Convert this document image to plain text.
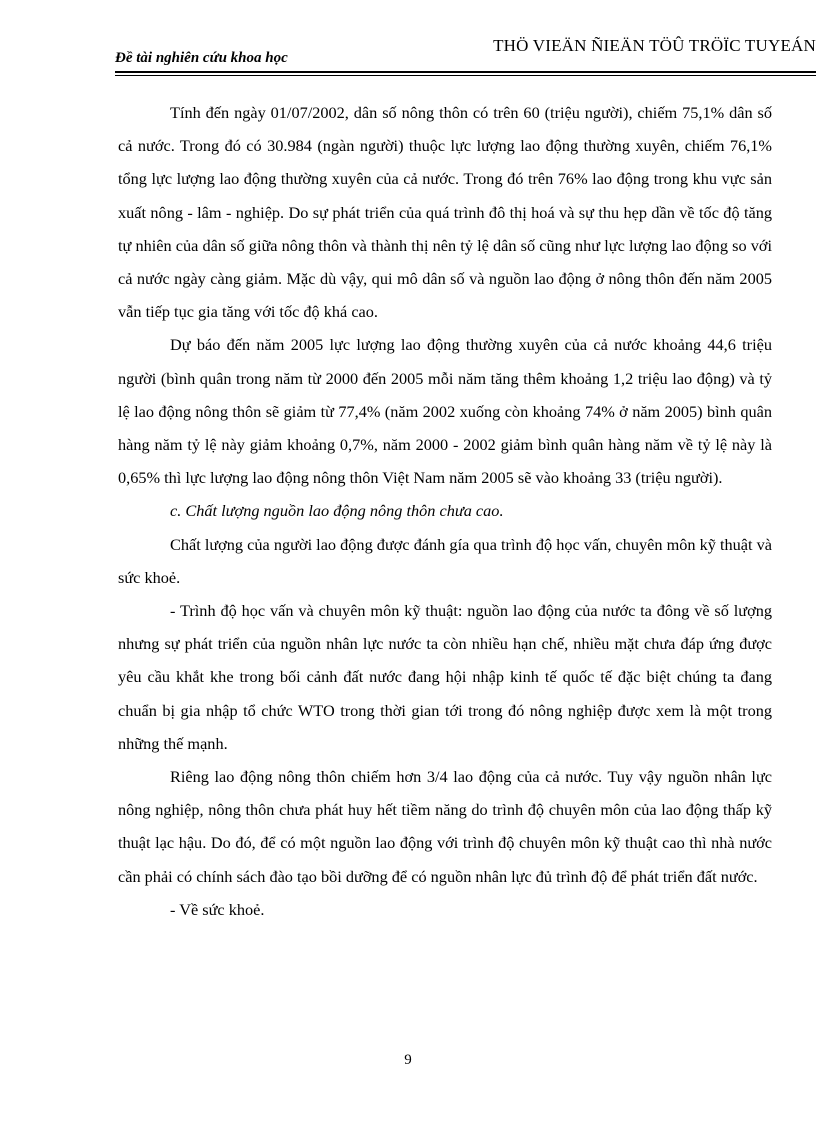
Đề tài nghiên cứu khoa học
THÖ VIEÄN ÑIEÄN TÖÛ TRÖÏC TUYEÁN

Tính đến ngày 01/07/2002, dân số nông thôn có trên 60 (triệu người), chiếm 75,1% dân số cả nước. Trong đó có 30.984 (ngàn người) thuộc lực lượng lao động thường xuyên, chiếm 76,1% tổng lực lượng lao động thường xuyên của cả nước. Trong đó trên 76% lao động trong khu vực sản xuất nông - lâm - nghiệp. Do sự phát triển của quá trình đô thị hoá và sự thu hẹp dần về tốc độ tăng tự nhiên của dân số giữa nông thôn và thành thị nên tỷ lệ dân số cũng như lực lượng lao động so với cả nước ngày càng giảm. Mặc dù vậy, qui mô dân số và nguồn lao động ở nông thôn đến năm 2005 vẫn tiếp tục gia tăng với tốc độ khá cao.

Dự báo đến năm 2005 lực lượng lao động thường xuyên của cả nước khoảng 44,6 triệu người (bình quân trong năm từ 2000 đến 2005 mỗi năm tăng thêm khoảng 1,2 triệu lao động) và tỷ lệ lao động nông thôn sẽ giảm từ 77,4% (năm 2002 xuống còn khoảng 74% ở năm 2005) bình quân hàng năm tỷ lệ này giảm khoảng 0,7%, năm 2000 - 2002 giảm bình quân hàng năm về tỷ lệ này là 0,65% thì lực lượng lao động nông thôn Việt Nam năm 2005 sẽ vào khoảng 33 (triệu người).

c. Chất lượng nguồn lao động nông thôn chưa cao.

Chất lượng của người lao động được đánh gía qua trình độ học vấn, chuyên môn kỹ thuật và sức khoẻ.

- Trình độ học vấn và chuyên môn kỹ thuật: nguồn lao động của nước ta đông về số lượng nhưng sự phát triển của nguồn nhân lực nước ta còn nhiều hạn chế, nhiều mặt chưa đáp ứng được yêu cầu khắt khe trong bối cảnh đất nước đang hội nhập kinh tế quốc tế đặc biệt chúng ta đang chuẩn bị gia nhập tổ chức WTO trong thời gian tới trong đó nông nghiệp được xem là một trong những thế mạnh.

Riêng lao động nông thôn chiếm hơn 3/4 lao động của cả nước. Tuy vậy nguồn nhân lực nông nghiệp, nông thôn chưa phát huy hết tiềm năng do trình độ chuyên môn của lao động thấp kỹ thuật lạc hậu. Do đó, để có một nguồn lao động với trình độ chuyên môn kỹ thuật cao thì nhà nước cần phải có chính sách đào tạo bồi dưỡng để có nguồn nhân lực đủ trình độ để phát triển đất nước.

- Về sức khoẻ.

9
